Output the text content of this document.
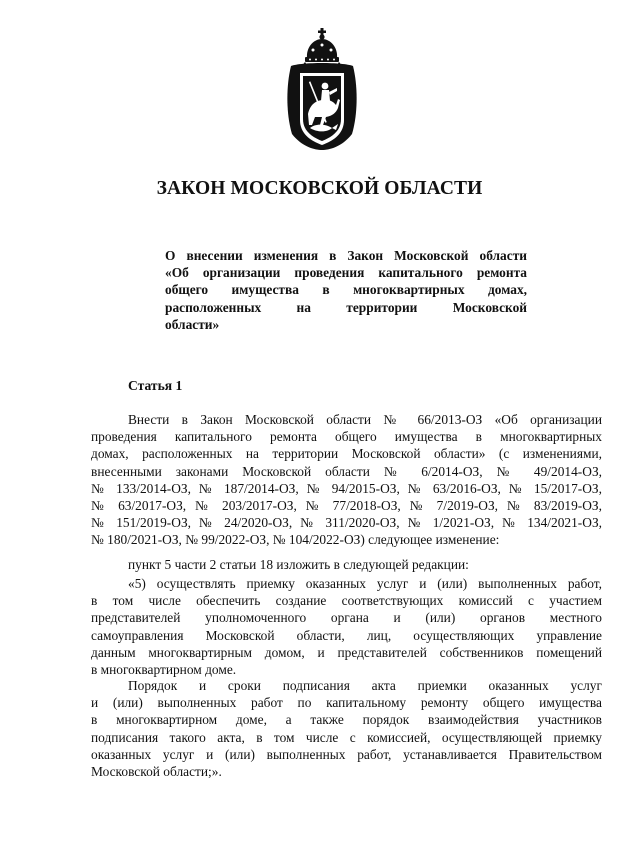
ЗАКОН МОСКОВСКОЙ ОБЛАСТИ
О внесении изменения в Закон Московской области
«Об организации проведения капитального ремонта
общего имущества в многоквартирных домах,
расположенных на территории Московской
области»
Статья 1
Внести в Закон Московской области № 66/2013-ОЗ «Об организации
проведения капитального ремонта общего имущества в многоквартирных
домах, расположенных на территории Московской области» (с изменениями,
внесенными законами Московской области № 6/2014-ОЗ, № 49/2014-ОЗ,
№ 133/2014-ОЗ, № 187/2014-ОЗ, № 94/2015-ОЗ, № 63/2016-ОЗ, № 15/2017-ОЗ,
№ 63/2017-ОЗ, № 203/2017-ОЗ, № 77/2018-ОЗ, № 7/2019-ОЗ, № 83/2019-ОЗ,
№ 151/2019-ОЗ, № 24/2020-ОЗ, № 311/2020-ОЗ, № 1/2021-ОЗ, № 134/2021-ОЗ,
№ 180/2021-ОЗ, № 99/2022-ОЗ, № 104/2022-ОЗ) следующее изменение:
пункт 5 части 2 статьи 18 изложить в следующей редакции:
«5) осуществлять приемку оказанных услуг и (или) выполненных работ,
в том числе обеспечить создание соответствующих комиссий с участием
представителей уполномоченного органа и (или) органов местного
самоуправления Московской области, лиц, осуществляющих управление
данным многоквартирным домом, и представителей собственников помещений
в многоквартирном доме.
Порядок и сроки подписания акта приемки оказанных услуг
и (или) выполненных работ по капитальному ремонту общего имущества
в многоквартирном доме, а также порядок взаимодействия участников
подписания такого акта, в том числе с комиссией, осуществляющей приемку
оказанных услуг и (или) выполненных работ, устанавливается Правительством
Московской области;».
